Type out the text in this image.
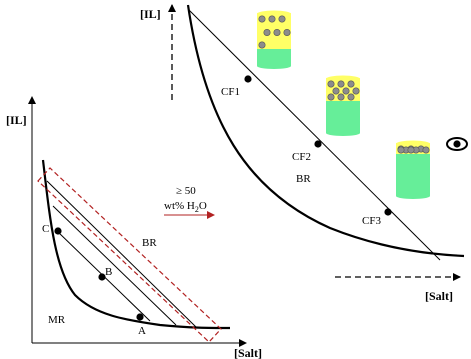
[IL]
[Salt]
C
B
A
BR
MR
≥ 50
wt% $H_2O$
[IL]
[Salt]
CF1
CF2
CF3
BR
